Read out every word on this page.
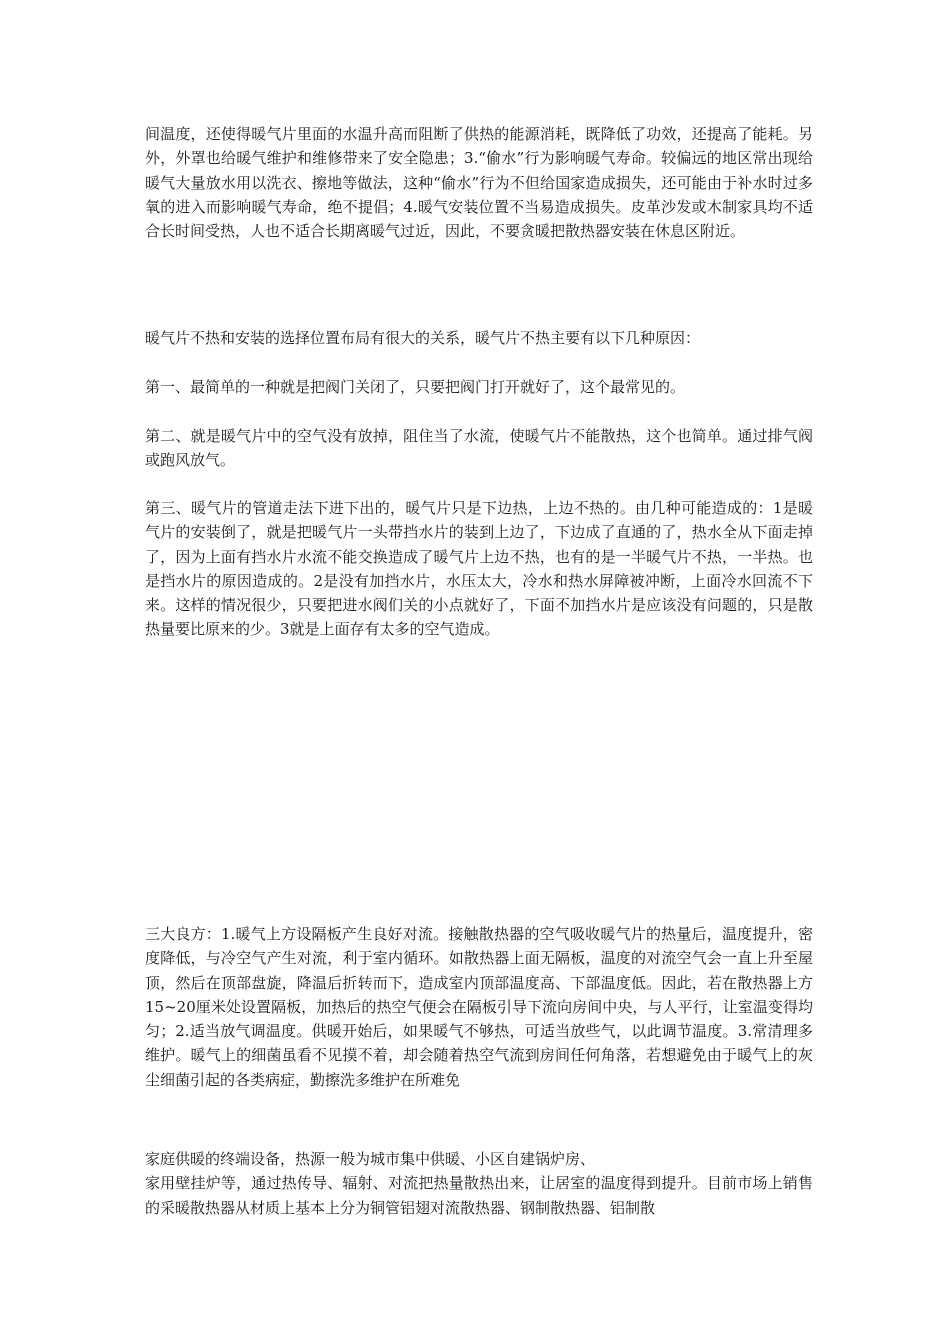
间温度，还使得暖气片里面的水温升高而阻断了供热的能源消耗，既降低了功效，还提高了能耗。另外，外罩也给暖气维护和维修带来了安全隐患；3.“偷水”行为影响暖气寿命。较偏远的地区常出现给暖气大量放水用以洗衣、擦地等做法，这种“偷水”行为不但给国家造成损失，还可能由于补水时过多氧的进入而影响暖气寿命，绝不提倡；4.暖气安装位置不当易造成损失。皮革沙发或木制家具均不适合长时间受热，人也不适合长期离暖气过近，因此，不要贪暖把散热器安装在休息区附近。

暖气片不热和安装的选择位置布局有很大的关系，暖气片不热主要有以下几种原因：

第一、最简单的一种就是把阀门关闭了，只要把阀门打开就好了，这个最常见的。

第二、就是暖气片中的空气没有放掉，阻住当了水流，使暖气片不能散热，这个也简单。通过排气阀或跑风放气。

第三、暖气片的管道走法下进下出的，暖气片只是下边热，上边不热的。由几种可能造成的：1是暖气片的安装倒了，就是把暖气片一头带挡水片的装到上边了，下边成了直通的了，热水全从下面走掉了，因为上面有挡水片水流不能交换造成了暖气片上边不热，也有的是一半暖气片不热，一半热。也是挡水片的原因造成的。2是没有加挡水片，水压太大，冷水和热水屏障被冲断，上面冷水回流不下来。这样的情况很少，只要把进水阀们关的小点就好了，下面不加挡水片是应该没有问题的，只是散热量要比原来的少。3就是上面存有太多的空气造成。

三大良方：1.暖气上方设隔板产生良好对流。接触散热器的空气吸收暖气片的热量后，温度提升，密度降低，与冷空气产生对流，利于室内循环。如散热器上面无隔板，温度的对流空气会一直上升至屋顶，然后在顶部盘旋，降温后折转而下，造成室内顶部温度高、下部温度低。因此，若在散热器上方15~20厘米处设置隔板，加热后的热空气便会在隔板引导下流向房间中央，与人平行，让室温变得均匀；2.适当放气调温度。供暖开始后，如果暖气不够热，可适当放些气，以此调节温度。3.常清理多维护。暖气上的细菌虽看不见摸不着，却会随着热空气流到房间任何角落，若想避免由于暖气上的灰尘细菌引起的各类病症，勤擦洗多维护在所难免

家庭供暖的终端设备，热源一般为城市集中供暖、小区自建锅炉房、
家用壁挂炉等，通过热传导、辐射、对流把热量散热出来，让居室的温度得到提升。目前市场上销售的采暖散热器从材质上基本上分为铜管铝翅对流散热器、钢制散热器、铝制散
